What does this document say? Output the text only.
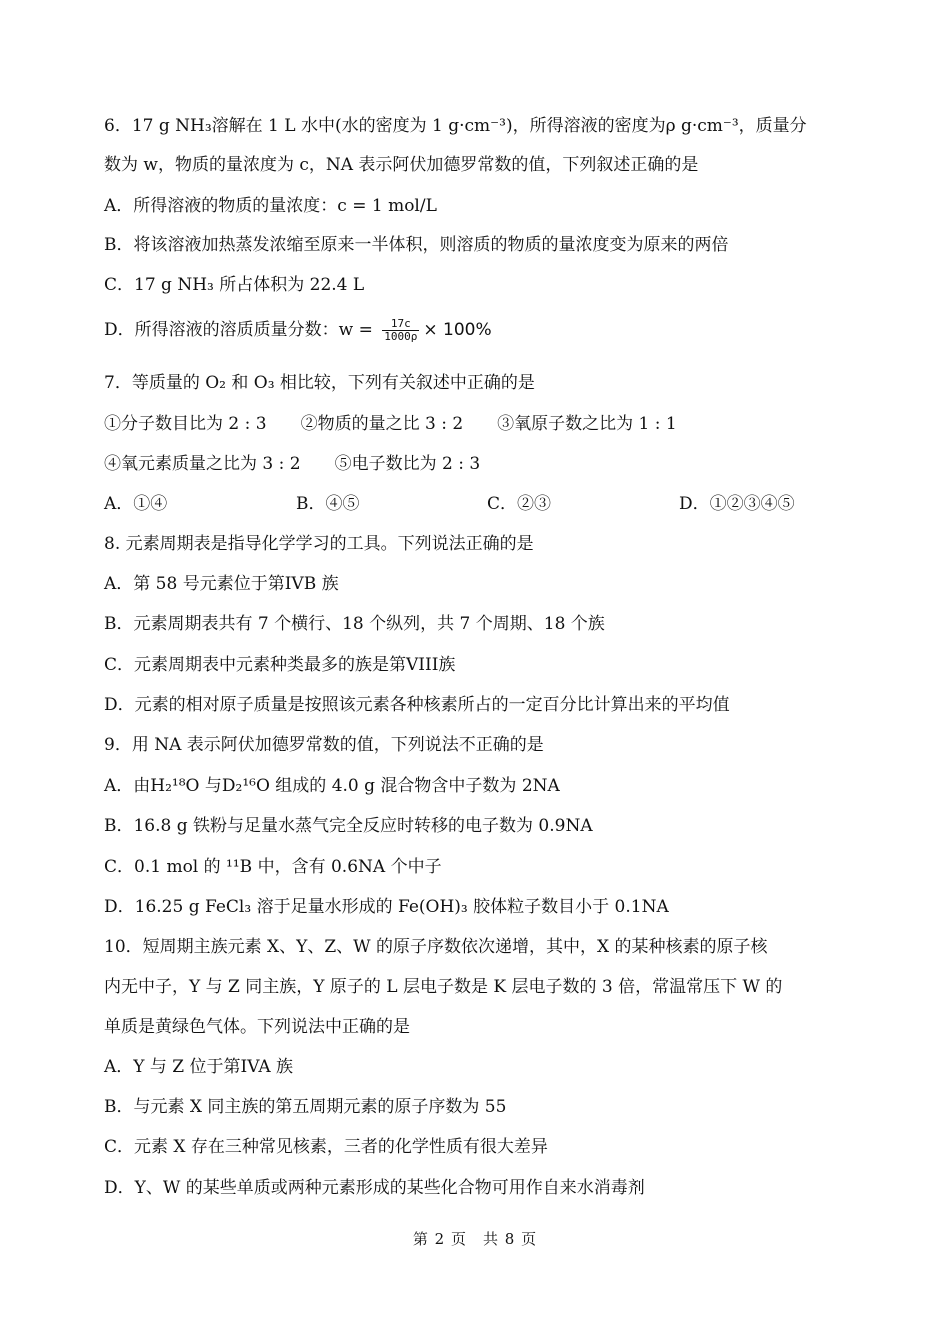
6．17 g NH₃溶解在 1 L 水中(水的密度为 1 g·cm⁻³)，所得溶液的密度为ρ g·cm⁻³，质量分
数为 w，物质的量浓度为 c，NA 表示阿伏加德罗常数的值，下列叙述正确的是
A．所得溶液的物质的量浓度：c = 1 mol/L
B．将该溶液加热蒸发浓缩至原来一半体积，则溶质的物质的量浓度变为原来的两倍
C．17 g NH₃ 所占体积为 22.4 L
D．所得溶液的溶质质量分数：$w = \frac{17c}{1000\rho} \times 100\%$
7．等质量的 O₂ 和 O₃ 相比较，下列有关叙述中正确的是
①分子数目比为 2 : 3　　②物质的量之比 3 : 2　　③氧原子数之比为 1 : 1
④氧元素质量之比为 3 : 2　　⑤电子数比为 2 : 3
A．①④	B．④⑤	C．②③	D．①②③④⑤
8. 元素周期表是指导化学学习的工具。下列说法正确的是
A．第 58 号元素位于第IVB 族
B．元素周期表共有 7 个横行、18 个纵列，共 7 个周期、18 个族
C．元素周期表中元素种类最多的族是第VIII族
D．元素的相对原子质量是按照该元素各种核素所占的一定百分比计算出来的平均值
9．用 NA 表示阿伏加德罗常数的值，下列说法不正确的是
A．由H₂¹⁸O 与D₂¹⁶O 组成的 4.0 g 混合物含中子数为 2NA
B．16.8 g 铁粉与足量水蒸气完全反应时转移的电子数为 0.9NA
C．0.1 mol 的 ¹¹B 中，含有 0.6NA 个中子
D．16.25 g FeCl₃ 溶于足量水形成的 Fe(OH)₃ 胶体粒子数目小于 0.1NA
10．短周期主族元素 X、Y、Z、W 的原子序数依次递增，其中，X 的某种核素的原子核
内无中子，Y 与 Z 同主族，Y 原子的 L 层电子数是 K 层电子数的 3 倍，常温常压下 W 的
单质是黄绿色气体。下列说法中正确的是
A．Y 与 Z 位于第IVA 族
B．与元素 X 同主族的第五周期元素的原子序数为 55
C．元素 X 存在三种常见核素，三者的化学性质有很大差异
D．Y、W 的某些单质或两种元素形成的某些化合物可用作自来水消毒剂
第 2 页　共 8 页
